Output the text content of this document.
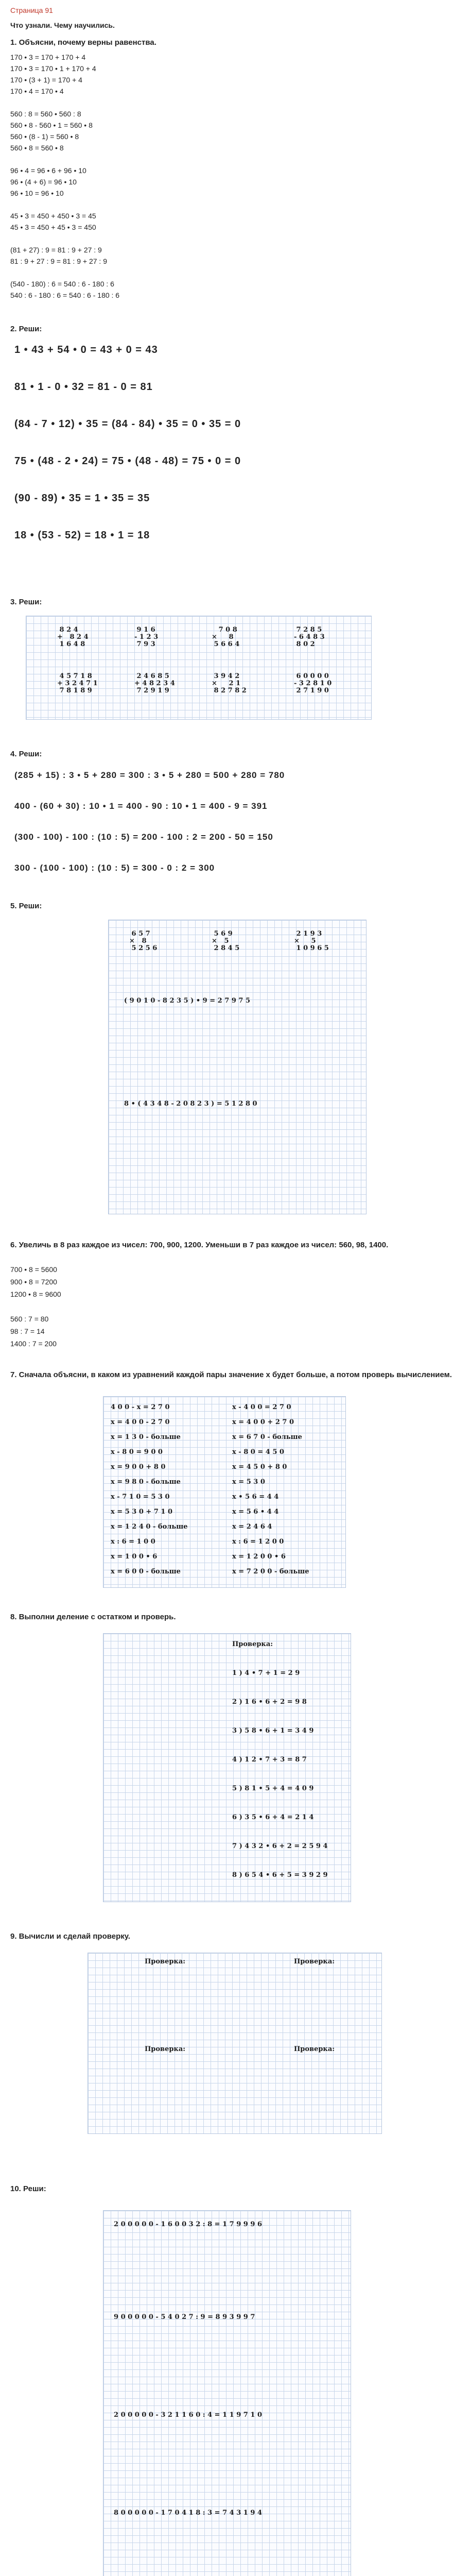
Страница 91
Что узнали. Чему научились.
1. Объясни, почему верны равенства.
170 • 3 = 170 + 170 + 4
170 • 3 = 170 • 1 + 170 + 4
170 • (3 + 1) = 170 + 4
170 • 4 = 170 • 4
560 : 8 = 560 • 560 : 8
560 • 8 - 560 • 1 = 560 • 8
560 • (8 - 1) = 560 • 8
560 • 8 = 560 • 8
96 • 4 = 96 • 6 + 96 • 10
96 • (4 + 6) = 96 • 10
96 • 10 = 96 • 10
45 • 3 = 450 + 450 • 3 = 45
45 • 3 = 450 + 45 • 3 = 450
(81 + 27) : 9 = 81 : 9 + 27 : 9
81 : 9 + 27 : 9 = 81 : 9 + 27 : 9
(540 - 180) : 6 = 540 : 6 - 180 : 6
540 : 6 - 180 : 6 = 540 : 6 - 180 : 6
2. Реши:
1 • 43 + 54 • 0 = 43 + 0 = 43
81 • 1 - 0 • 32 = 81 - 0 = 81
(84 - 7 • 12) • 35 = (84 - 84) • 35 = 0 • 35 = 0
75 • (48 - 2 • 24) = 75 • (48 - 48) = 75 • 0 = 0
(90 - 89) • 35 = 1 • 35 = 35
18 • (53 - 52) = 18 • 1 = 18
3. Реши:
8 2 4
+   8 2 4
1 6 4 8
9 1 6
- 1 2 3
7 9 3
7 0 8
×     8
5 6 6 4
7 2 8 5
- 6 4 8 3
8 0 2
4 5 7 1 8
+ 3 2 4 7 1
7 8 1 8 9
2 4 6 8 5
+ 4 8 2 3 4
7 2 9 1 9
3 9 4 2
×     2 1
8 2 7 8 2
6 0 0 0 0
- 3 2 8 1 0
2 7 1 9 0
4. Реши:
(285 + 15) : 3 • 5 + 280 = 300 : 3 • 5 + 280 = 500 + 280 = 780
400 - (60 + 30) : 10 • 1 = 400 - 90 : 10 • 1 = 400 - 9 = 391
(300 - 100) - 100 : (10 : 5) = 200 - 100 : 2 = 200 - 50 = 150
300 - (100 - 100) : (10 : 5) = 300 - 0 : 2 = 300
5. Реши:
6 5 7
×   8
5 2 5 6
5 6 9
×   5
2 8 4 5
2 1 9 3
×     5
1 0 9 6 5
( 9 0 1 0 - 8 2 3 5 ) • 9 = 2 7 9 7 5
8 • ( 4 3 4 8 - 2 0 8 2 3 ) = 5 1 2 8 0
6. Увеличь в 8 раз каждое из чисел: 700, 900, 1200. Уменьши в 7 раз каждое из чисел: 560, 98, 1400.
700 • 8 = 5600
900 • 8 = 7200
1200 • 8 = 9600
560 : 7 = 80
98 : 7 = 14
1400 : 7 = 200
7. Сначала объясни, в каком из уравнений каждой пары значение x будет больше, а потом проверь вычислением.
4 0 0 - x = 2 7 0
x = 4 0 0 - 2 7 0
x = 1 3 0 - больше
x - 8 0 = 9 0 0
x = 9 0 0 + 8 0
x = 9 8 0 - больше
x - 7 1 0 = 5 3 0
x = 5 3 0 + 7 1 0
x = 1 2 4 0 - больше
x : 6 = 1 0 0
x = 1 0 0 • 6
x = 6 0 0 - больше
x - 4 0 0 = 2 7 0
x = 4 0 0 + 2 7 0
x = 6 7 0 - больше
x - 8 0 = 4 5 0
x = 4 5 0 + 8 0
x = 5 3 0
x • 5 6 = 4 4
x = 5 6 • 4 4
x = 2 4 6 4
x : 6 = 1 2 0 0
x = 1 2 0 0 • 6
x = 7 2 0 0 - больше
8. Выполни деление с остатком и проверь.
Проверка:
1 ) 4 • 7 + 1 = 2 9
2 ) 1 6 • 6 + 2 = 9 8
3 ) 5 8 • 6 + 1 = 3 4 9
4 ) 1 2 • 7 + 3 = 8 7
5 ) 8 1 • 5 + 4 = 4 0 9
6 ) 3 5 • 6 + 4 = 2 1 4
7 ) 4 3 2 • 6 + 2 = 2 5 9 4
8 ) 6 5 4 • 6 + 5 = 3 9 2 9
9. Вычисли и сделай проверку.
Проверка:	Проверка:
Проверка:	Проверка:
10. Реши:
2 0 0 0 0 0 - 1 6 0 0 3 2 : 8 = 1 7 9 9 9 6
9 0 0 0 0 0 - 5 4 0 2 7 : 9 = 8 9 3 9 9 7
2 0 0 0 0 0 - 3 2 1 1 6 0 : 4 = 1 1 9 7 1 0
8 0 0 0 0 0 - 1 7 0 4 1 8 : 3 = 7 4 3 1 9 4
